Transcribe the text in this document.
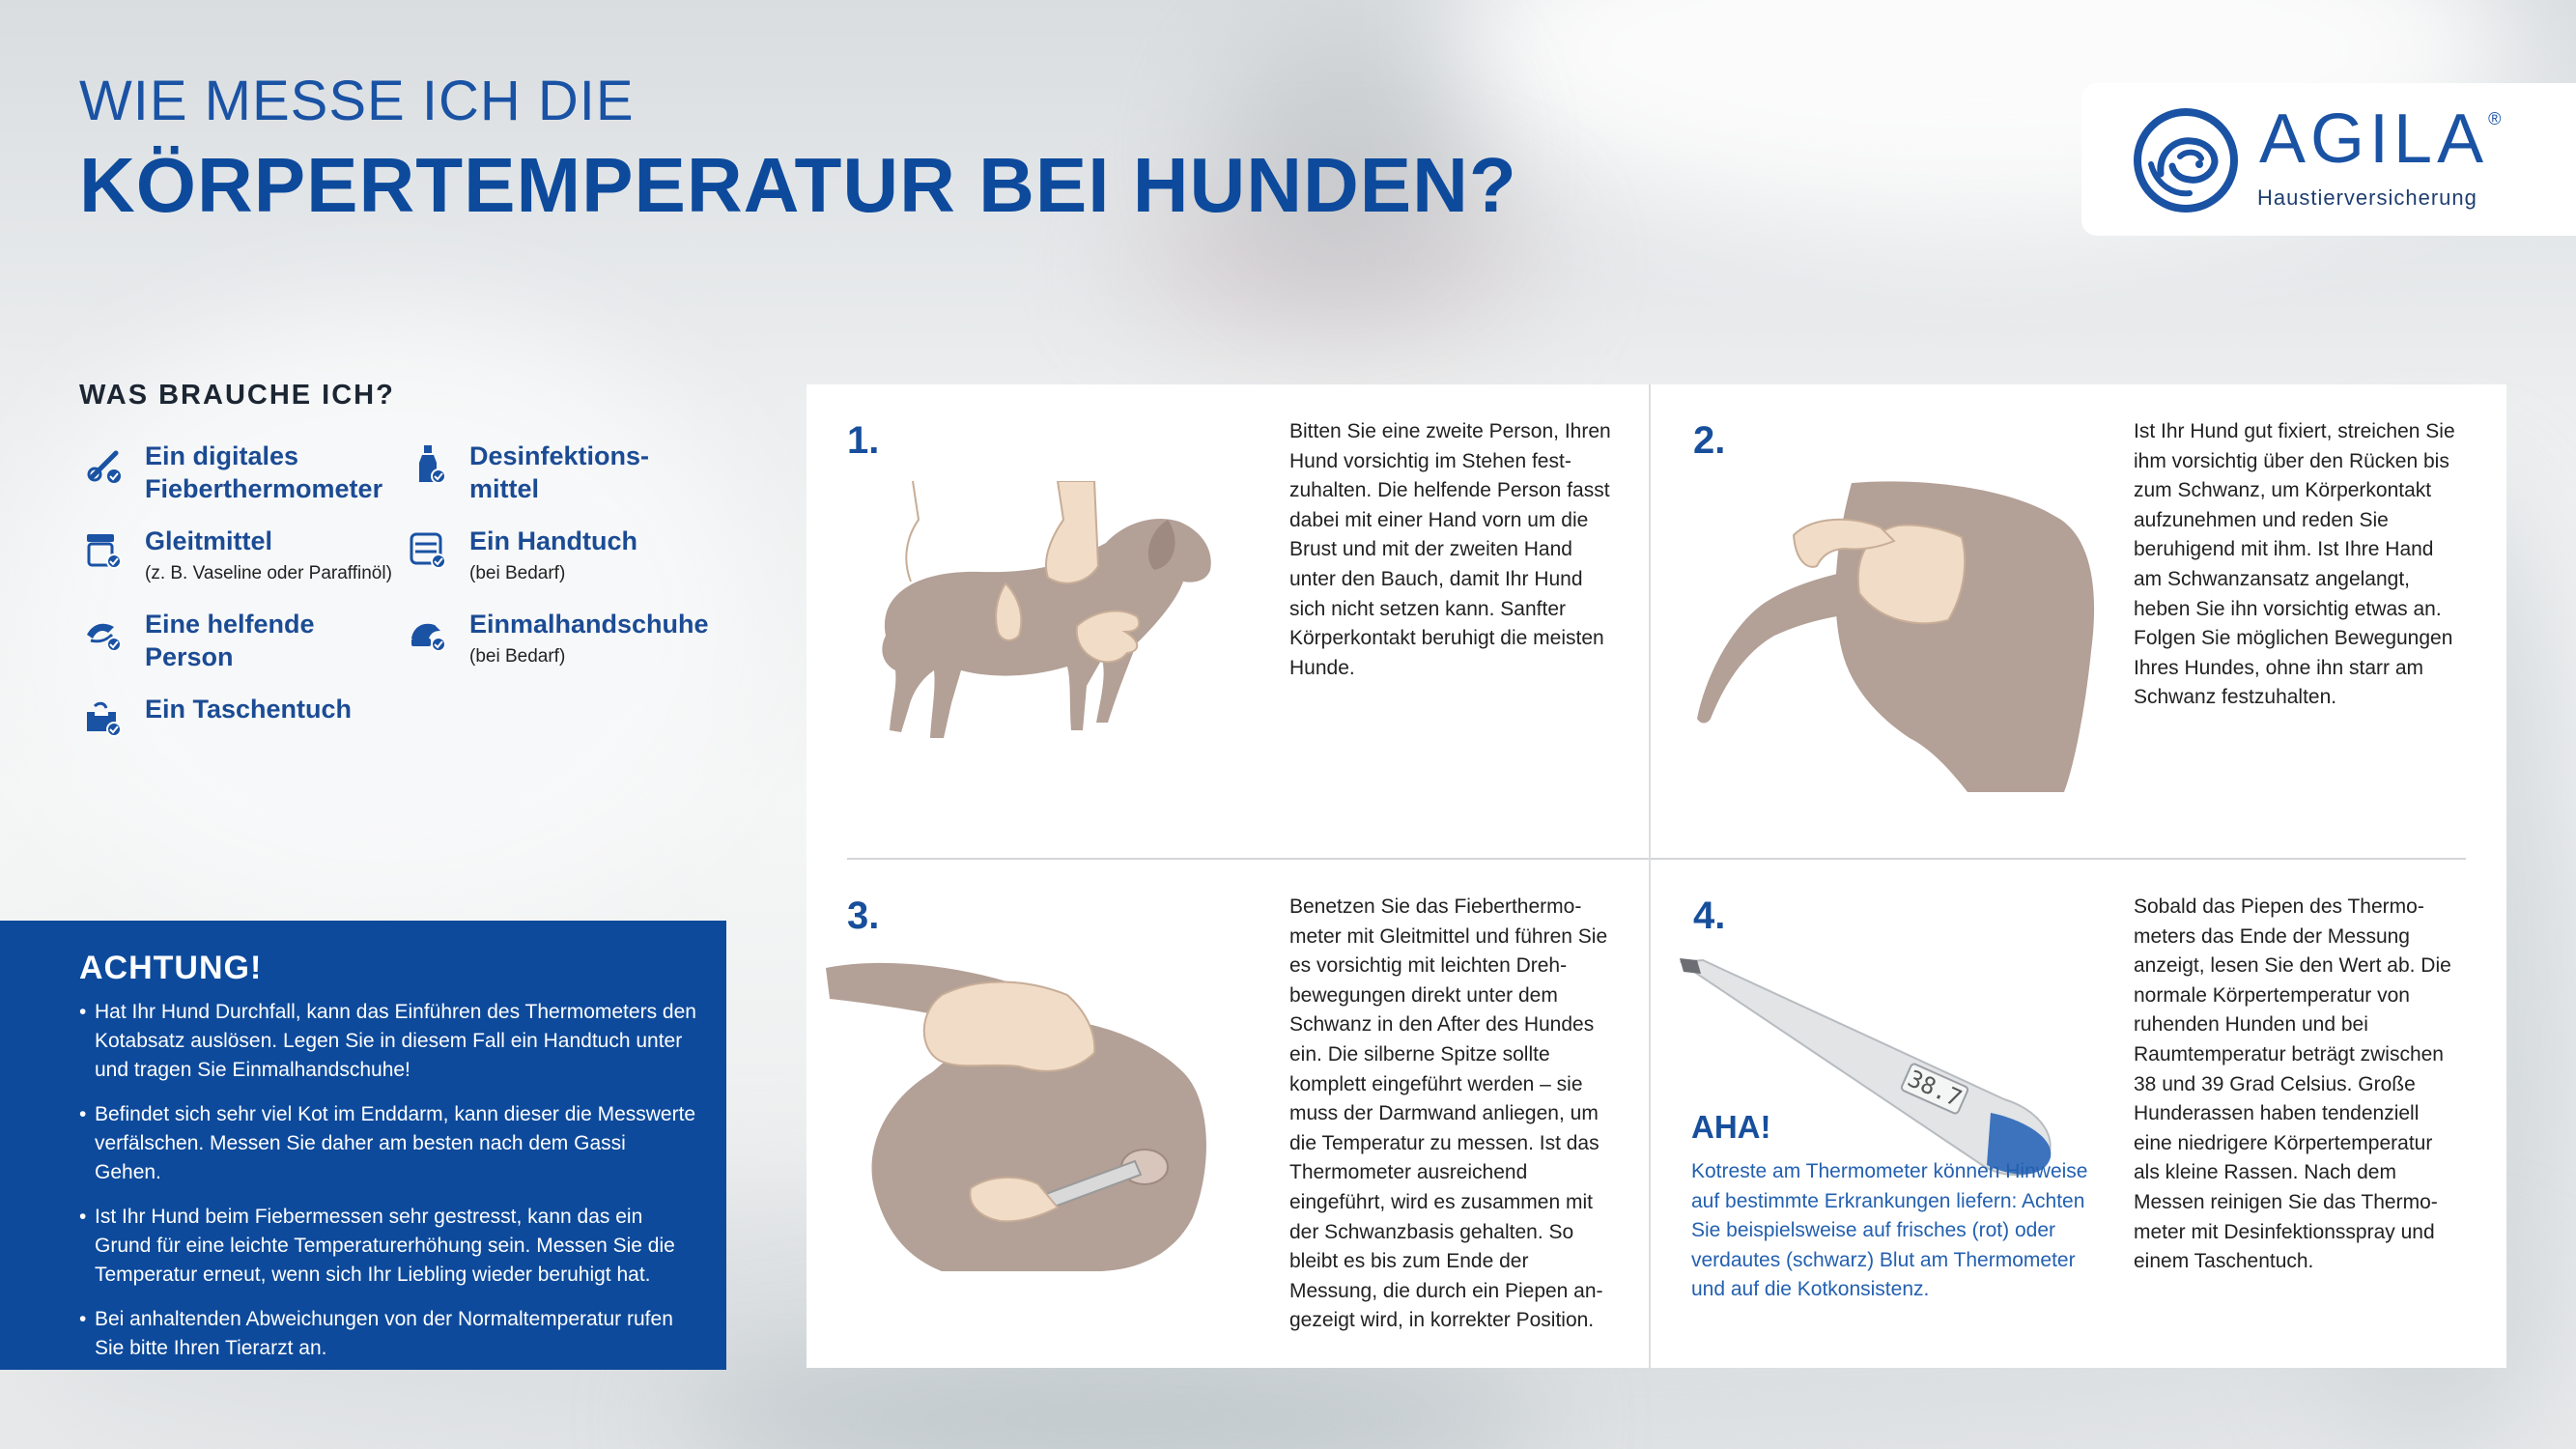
WIE MESSE ICH DIE
KÖRPERTEMPERATUR BEI HUNDEN?
AGILA®
Haustierversicherung
WAS BRAUCHE ICH?
Ein digitales
Fieberthermometer
Desinfektions-
mittel
Gleitmittel
(z. B. Vaseline oder Paraffinöl)
Ein Handtuch
(bei Bedarf)
Eine helfende
Person
Einmalhandschuhe
(bei Bedarf)
Ein Taschentuch
ACHTUNG!
• Hat Ihr Hund Durchfall, kann das Einführen des Thermometers den Kotabsatz auslösen. Legen Sie in diesem Fall ein Handtuch unter und tragen Sie Einmalhandschuhe!
• Befindet sich sehr viel Kot im Enddarm, kann dieser die Messwerte verfälschen. Messen Sie daher am besten nach dem Gassi Gehen.
• Ist Ihr Hund beim Fiebermessen sehr gestresst, kann das ein Grund für eine leichte Temperaturerhöhung sein. Messen Sie die Temperatur erneut, wenn sich Ihr Liebling wieder beruhigt hat.
• Bei anhaltenden Abweichungen von der Normaltemperatur rufen Sie bitte Ihren Tierarzt an.
1.	Bitten Sie eine zweite Person, Ihren Hund vorsichtig im Stehen festzuhalten. Die helfende Person fasst dabei mit einer Hand vorn um die Brust und mit der zweiten Hand unter den Bauch, damit Ihr Hund sich nicht setzen kann. Sanfter Körperkontakt beruhigt die meisten Hunde.
2.	Ist Ihr Hund gut fixiert, streichen Sie ihm vorsichtig über den Rücken bis zum Schwanz, um Körperkontakt aufzunehmen und reden Sie beruhigend mit ihm. Ist Ihre Hand am Schwanzansatz angelangt, heben Sie ihn vorsichtig etwas an. Folgen Sie möglichen Bewegungen Ihres Hundes, ohne ihn starr am Schwanz festzuhalten.
3.	Benetzen Sie das Fieberthermometer mit Gleitmittel und führen Sie es vorsichtig mit leichten Drehbewegungen direkt unter dem Schwanz in den After des Hundes ein. Die silberne Spitze sollte komplett eingeführt werden – sie muss der Darmwand anliegen, um die Temperatur zu messen. Ist das Thermometer ausreichend eingeführt, wird es zusammen mit der Schwanzbasis gehalten. So bleibt es bis zum Ende der Messung, die durch ein Piepen angezeigt wird, in korrekter Position.
4.
38.7
AHA!
Kotreste am Thermometer können Hinweise auf bestimmte Erkrankungen liefern: Achten Sie beispielsweise auf frisches (rot) oder verdautes (schwarz) Blut am Thermometer und auf die Kotkonsistenz.
Sobald das Piepen des Thermometers das Ende der Messung anzeigt, lesen Sie den Wert ab. Die normale Körpertemperatur von ruhenden Hunden und bei Raumtemperatur beträgt zwischen 38 und 39 Grad Celsius. Große Hunderassen haben tendenziell eine niedrigere Körpertemperatur als kleine Rassen. Nach dem Messen reinigen Sie das Thermometer mit Desinfektionsspray und einem Taschentuch.
